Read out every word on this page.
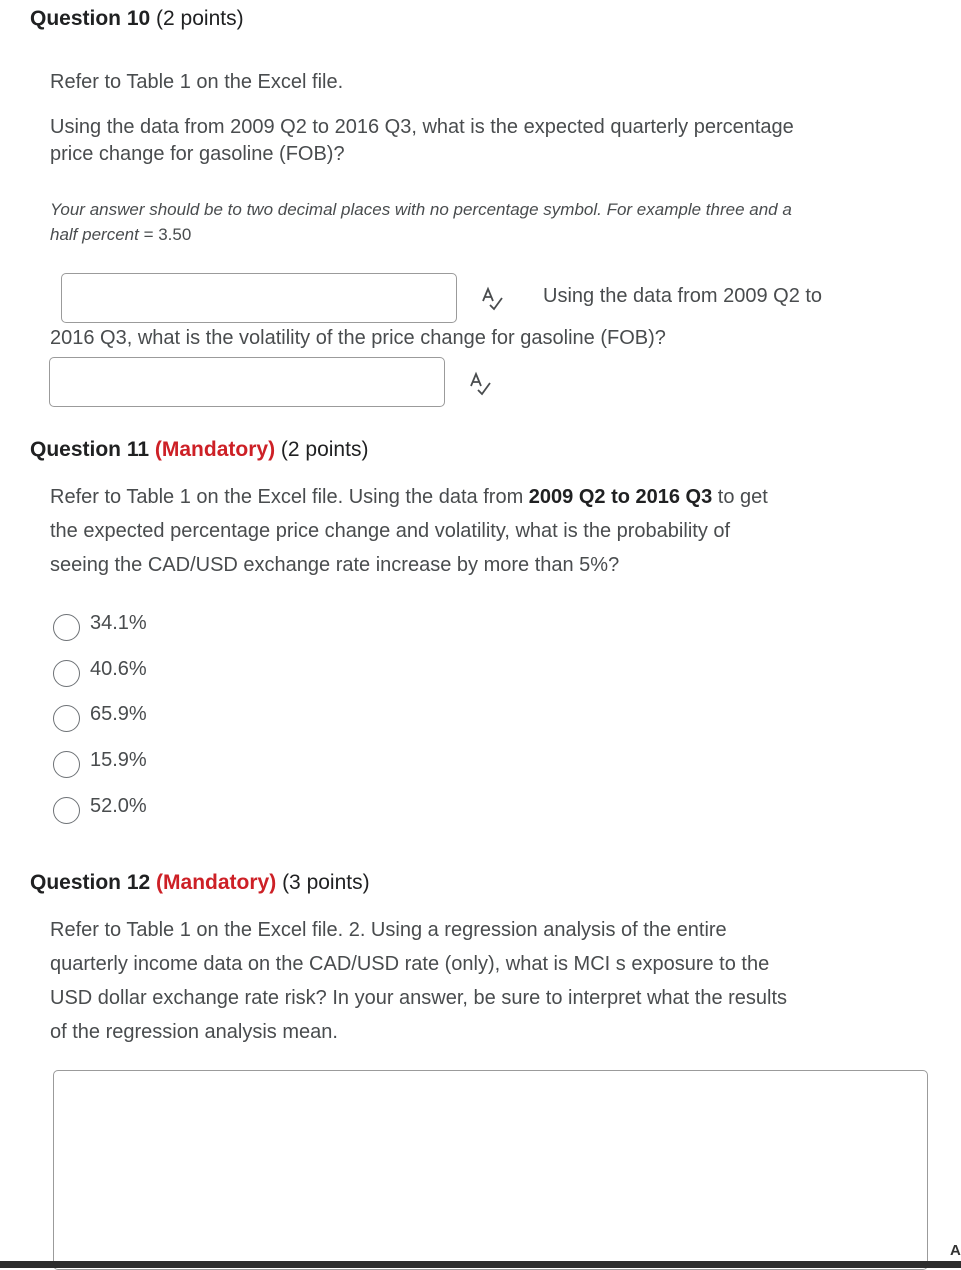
Question 10 (2 points)
Refer to Table 1 on the Excel file.
Using the data from 2009 Q2 to 2016 Q3, what is the expected quarterly percentage
price change for gasoline (FOB)?
Your answer should be to two decimal places with no percentage symbol. For example three and a
half percent = 3.50
Using the data from 2009 Q2 to
2016 Q3, what is the volatility of the price change for gasoline (FOB)?
Question 11 (Mandatory) (2 points)
Refer to Table 1 on the Excel file. Using the data from 2009 Q2 to 2016 Q3 to get
the expected percentage price change and volatility, what is the probability of
seeing the CAD/USD exchange rate increase by more than 5%?
34.1%
40.6%
65.9%
15.9%
52.0%
Question 12 (Mandatory) (3 points)
Refer to Table 1 on the Excel file. 2. Using a regression analysis of the entire
quarterly income data on the CAD/USD rate (only), what is MCI s exposure to the
USD dollar exchange rate risk? In your answer, be sure to interpret what the results
of the regression analysis mean.
A
